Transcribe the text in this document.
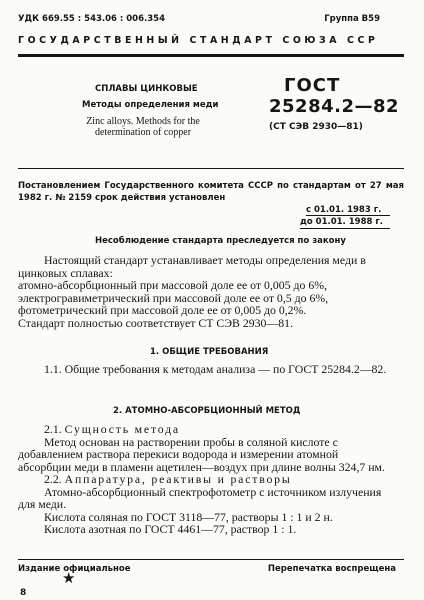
УДК 669.55 : 543.06 : 006.354	Группа В59
ГОСУДАРСТВЕННЫЙ СТАНДАРТ СОЮЗА ССР
СПЛАВЫ ЦИНКОВЫЕ
Методы определения меди
Zinc alloys. Methods for the determination of copper
ГОСТ
25284.2—82
(СТ СЭВ 2930—81)
Постановлением Государственного комитета СССР по стандартам от 27 мая 1982 г. № 2159 срок действия установлен
с 01.01. 1983 г.
до 01.01. 1988 г.
Несоблюдение стандарта преследуется по закону
Настоящий стандарт устанавливает методы определения меди в цинковых сплавах:
атомно-абсорбционный при массовой доле ее от 0,005 до 6%,
электрогравиметрический при массовой доле ее от 0,5 до 6%,
фотометрический при массовой доле ее от 0,005 до 0,2%.
Стандарт полностью соответствует СТ СЭВ 2930—81.
1. ОБЩИЕ ТРЕБОВАНИЯ
1.1. Общие требования к методам анализа — по ГОСТ 25284.2—82.
2. АТОМНО-АБСОРБЦИОННЫЙ МЕТОД
2.1. Сущность метода
Метод основан на растворении пробы в соляной кислоте с добавлением раствора перекиси водорода и измерении атомной абсорбции меди в пламени ацетилен—воздух при длине волны 324,7 нм.
2.2. Аппаратура, реактивы и растворы
Атомно-абсорбционный спектрофотометр с источником излучения для меди.
Кислота соляная по ГОСТ 3118—77, растворы 1 : 1 и 2 н.
Кислота азотная по ГОСТ 4461—77, раствор 1 : 1.
Издание официальное	Перепечатка воспрещена
★
8
